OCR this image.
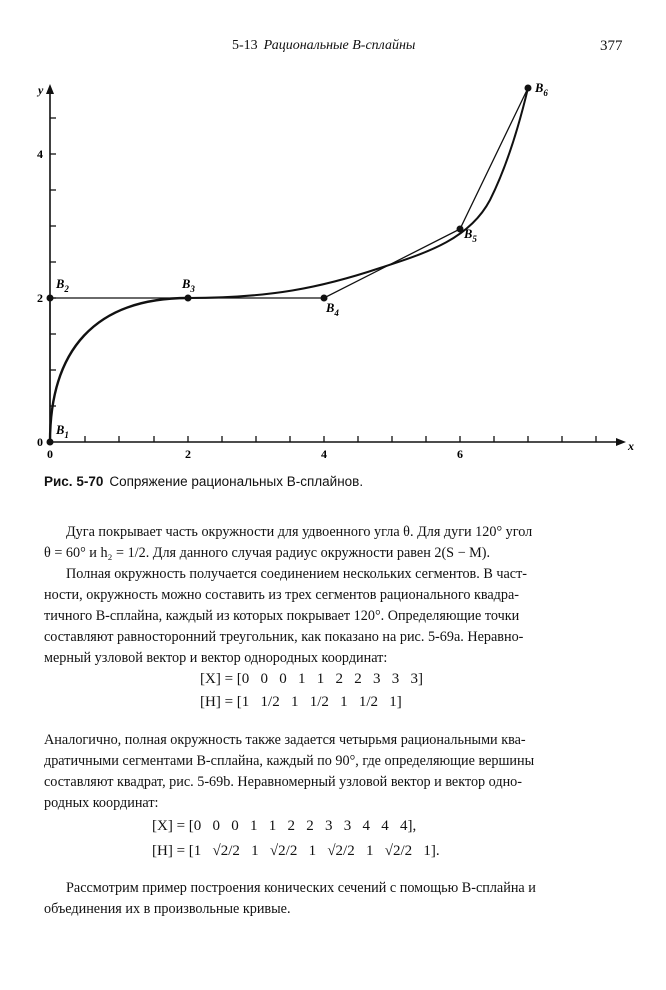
5-13 Рациональные B-сплайны	377
x
y
0	2	4	6
0
2
4
$B_1$
$B_2$	$B_3$
$B_4$
$B_5$
$B_6$
Рис. 5-70 Сопряжение рациональных B-сплайнов.
Дуга покрывает часть окружности для удвоенного угла θ. Для дуги 120° угол
θ = 60° и h₂ = 1/2. Для данного случая радиус окружности равен 2(S − M).
Полная окружность получается соединением нескольких сегментов. В част-
ности, окружность можно составить из трех сегментов рационального квадра-
тичного B-сплайна, каждый из которых покрывает 120°. Определяющие точки
составляют равносторонний треугольник, как показано на рис. 5-69а. Неравно-
мерный узловой вектор и вектор однородных координат:
[X] = [0   0   0   1   1   2   2   3   3   3]
[H] = [1   1/2   1   1/2   1   1/2   1]
Аналогично, полная окружность также задается четырьмя рациональными ква-
дратичными сегментами B-сплайна, каждый по 90°, где определяющие вершины
составляют квадрат, рис. 5-69b. Неравномерный узловой вектор и вектор одно-
родных координат:
[X] = [0   0   0   1   1   2   2   3   3   4   4   4],
[H] = [1   √2/2   1   √2/2   1   √2/2   1   √2/2   1].
Рассмотрим пример построения конических сечений с помощью B-сплайна и
объединения их в произвольные кривые.
